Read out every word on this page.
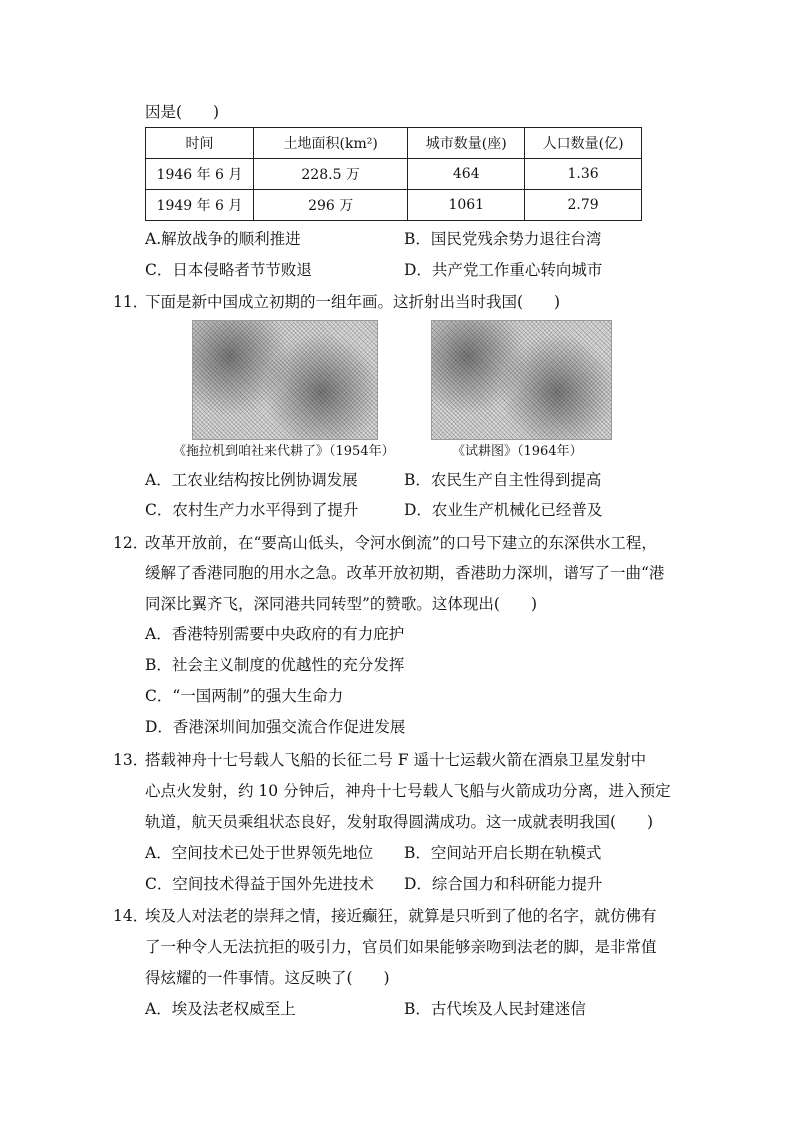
因是(　　)
时间	土地面积(km²)	城市数量(座)	人口数量(亿)
1946 年 6 月	228.5 万	464	1.36
1949 年 6 月	296 万	1061	2.79
A.解放战争的顺利推进	B．国民党残余势力退往台湾
C．日本侵略者节节败退	D．共产党工作重心转向城市
11．
下面是新中国成立初期的一组年画。这折射出当时我国(　　)
《拖拉机到咱社来代耕了》（1954年）	《试耕图》（1964年）
A．工农业结构按比例协调发展	B．农民生产自主性得到提高
C．农村生产力水平得到了提升	D．农业生产机械化已经普及
12．
改革开放前，在“要高山低头，令河水倒流”的口号下建立的东深供水工程，
缓解了香港同胞的用水之急。改革开放初期，香港助力深圳，谱写了一曲“港
同深比翼齐飞，深同港共同转型”的赞歌。这体现出(　　)
A．香港特别需要中央政府的有力庇护
B．社会主义制度的优越性的充分发挥
C．“一国两制”的强大生命力
D．香港深圳间加强交流合作促进发展
13．
搭载神舟十七号载人飞船的长征二号 F 遥十七运载火箭在酒泉卫星发射中
心点火发射，约 10 分钟后，神舟十七号载人飞船与火箭成功分离，进入预定
轨道，航天员乘组状态良好，发射取得圆满成功。这一成就表明我国(　　)
A．空间技术已处于世界领先地位 B．空间站开启长期在轨模式
C．空间技术得益于国外先进技术 D．综合国力和科研能力提升
14．
埃及人对法老的崇拜之情，接近癫狂，就算是只听到了他的名字，就仿佛有
了一种令人无法抗拒的吸引力，官员们如果能够亲吻到法老的脚，是非常值
得炫耀的一件事情。这反映了(　　)
A．埃及法老权威至上	B．古代埃及人民封建迷信
